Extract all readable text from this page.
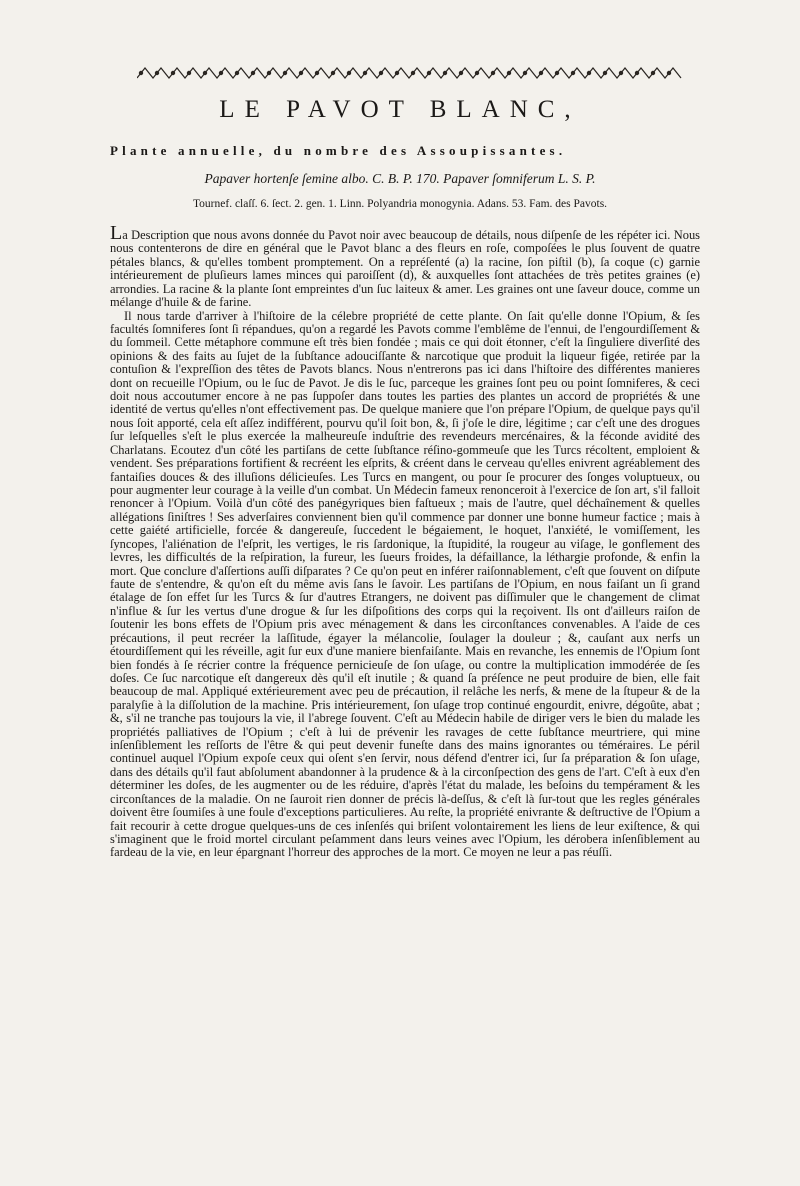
LE PAVOT BLANC,
Plante annuelle, du nombre des Assoupissantes.
Papaver hortenſe ſemine albo. C. B. P. 170. Papaver ſomniferum L. S. P.
Tournef. claſſ. 6. ſect. 2. gen. 1. Linn. Polyandria monogynia. Adans. 53. Fam. des Pavots.

La Description que nous avons donnée du Pavot noir avec beaucoup de détails, nous diſpenſe de les répéter ici. Nous nous contenterons de dire en général que le Pavot blanc a des fleurs en roſe, compoſées le plus ſouvent de quatre pétales blancs, & qu'elles tombent promptement. On a repréſenté (a) la racine, ſon piſtil (b), ſa coque (c) garnie intérieurement de pluſieurs lames minces qui paroiſſent (d), & auxquelles ſont attachées de très petites graines (e) arrondies. La racine & la plante ſont empreintes d'un ſuc laiteux & amer. Les graines ont une ſaveur douce, comme un mélange d'huile & de farine.

Il nous tarde d'arriver à l'hiſtoire de la célebre propriété de cette plante. On ſait qu'elle donne l'Opium, & ſes facultés ſomniferes ſont ſi répandues, qu'on a regardé les Pavots comme l'emblême de l'ennui, de l'engourdiſſement & du ſommeil. Cette métaphore commune eſt très bien fondée ; mais ce qui doit étonner, c'eſt la ſinguliere diverſité des opinions & des faits au ſujet de la ſubſtance adouciſſante & narcotique que produit la liqueur figée, retirée par la contuſion & l'expreſſion des têtes de Pavots blancs. Nous n'entrerons pas ici dans l'hiſtoire des différentes manieres dont on recueille l'Opium, ou le ſuc de Pavot. Je dis le ſuc, parceque les graines ſont peu ou point ſomniferes, & ceci doit nous accoutumer encore à ne pas ſuppoſer dans toutes les parties des plantes un accord de propriétés & une identité de vertus qu'elles n'ont effectivement pas. De quelque maniere que l'on prépare l'Opium, de quelque pays qu'il nous ſoit apporté, cela eſt aſſez indifférent, pourvu qu'il ſoit bon, &, ſi j'oſe le dire, légitime ; car c'eſt une des drogues ſur leſquelles s'eſt le plus exercée la malheureuſe induſtrie des revendeurs mercénaires, & la féconde avidité des Charlatans. Ecoutez d'un côté les partiſans de cette ſubſtance réſino-gommeuſe que les Turcs récoltent, emploient & vendent. Ses préparations fortifient & recréent les eſprits, & créent dans le cerveau qu'elles enivrent agréablement des fantaiſies douces & des illuſions délicieuſes. Les Turcs en mangent, ou pour ſe procurer des ſonges voluptueux, ou pour augmenter leur courage à la veille d'un combat. Un Médecin fameux renonceroit à l'exercice de ſon art, s'il falloit renoncer à l'Opium. Voilà d'un côté des panégyriques bien faſtueux ; mais de l'autre, quel déchaînement & quelles allégations ſiniſtres ! Ses adverſaires conviennent bien qu'il commence par donner une bonne humeur factice ; mais à cette gaiété artificielle, forcée & dangereuſe, ſuccedent le bégaiement, le hoquet, l'anxiété, le vomiſſement, les ſyncopes, l'aliénation de l'eſprit, les vertiges, le ris ſardonique, la ſtupidité, la rougeur au viſage, le gonflement des levres, les difficultés de la reſpiration, la fureur, les ſueurs froides, la défaillance, la léthargie profonde, & enfin la mort. Que conclure d'aſſertions auſſi diſparates ? Ce qu'on peut en inférer raiſonnablement, c'eſt que ſouvent on diſpute faute de s'entendre, & qu'on eſt du même avis ſans le ſavoir. Les partiſans de l'Opium, en nous faiſant un ſi grand étalage de ſon effet ſur les Turcs & ſur d'autres Etrangers, ne doivent pas diſſimuler que le changement de climat n'influe & ſur les vertus d'une drogue & ſur les diſpoſitions des corps qui la reçoivent. Ils ont d'ailleurs raiſon de ſoutenir les bons effets de l'Opium pris avec ménagement & dans les circonſtances convenables. A l'aide de ces précautions, il peut recréer la laſſitude, égayer la mélancolie, ſoulager la douleur ; &, cauſant aux nerfs un étourdiſſement qui les réveille, agit ſur eux d'une maniere bienfaiſante. Mais en revanche, les ennemis de l'Opium ſont bien fondés à ſe récrier contre la fréquence pernicieuſe de ſon uſage, ou contre la multiplication immodérée de ſes doſes. Ce ſuc narcotique eſt dangereux dès qu'il eſt inutile ; & quand ſa préſence ne peut produire de bien, elle fait beaucoup de mal. Appliqué extérieurement avec peu de précaution, il relâche les nerfs, & mene de la ſtupeur & de la paralyſie à la diſſolution de la machine. Pris intérieurement, ſon uſage trop continué engourdit, enivre, dégoûte, abat ; &, s'il ne tranche pas toujours la vie, il l'abrege ſouvent. C'eſt au Médecin habile de diriger vers le bien du malade les propriétés palliatives de l'Opium ; c'eſt à lui de prévenir les ravages de cette ſubſtance meurtriere, qui mine inſenſiblement les reſſorts de l'être & qui peut devenir funeſte dans des mains ignorantes ou téméraires. Le péril continuel auquel l'Opium expoſe ceux qui oſent s'en ſervir, nous défend d'entrer ici, ſur ſa préparation & ſon uſage, dans des détails qu'il faut abſolument abandonner à la prudence & à la circonſpection des gens de l'art. C'eſt à eux d'en déterminer les doſes, de les augmenter ou de les réduire, d'après l'état du malade, les beſoins du tempérament & les circonſtances de la maladie. On ne ſauroit rien donner de précis là-deſſus, & c'eſt là ſur-tout que les regles générales doivent être ſoumiſes à une foule d'exceptions particulieres. Au reſte, la propriété enivrante & deſtructive de l'Opium a fait recourir à cette drogue quelques-uns de ces inſenſés qui briſent volontairement les liens de leur exiſtence, & qui s'imaginent que le froid mortel circulant peſamment dans leurs veines avec l'Opium, les dérobera inſenſiblement au fardeau de la vie, en leur épargnant l'horreur des approches de la mort. Ce moyen ne leur a pas réuſſi.
